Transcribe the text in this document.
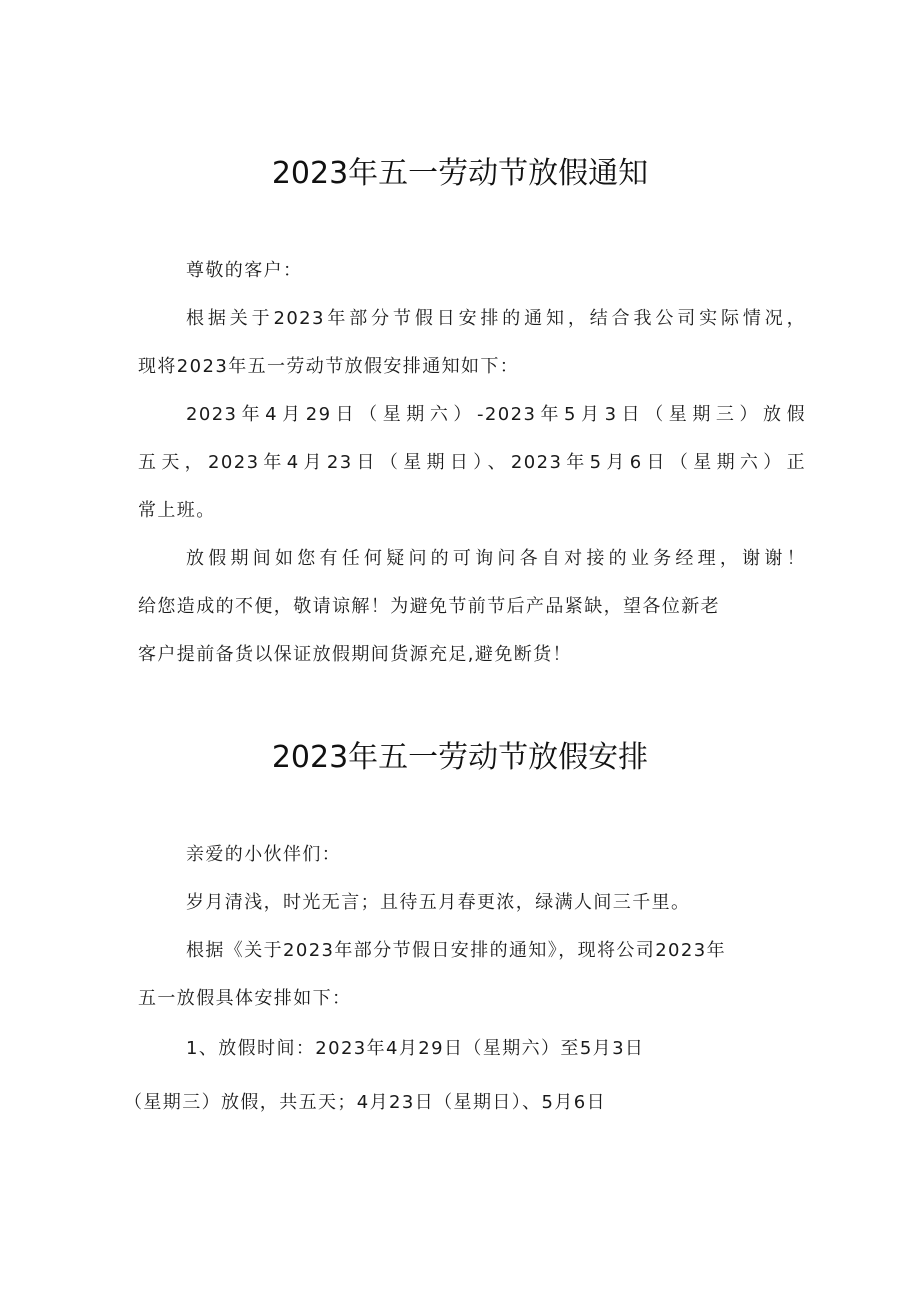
2023年五一劳动节放假通知

尊敬的客户：

根据关于2023年部分节假日安排的通知，结合我公司实际情况，

现将2023年五一劳动节放假安排通知如下：

2023年4月29日（星期六）-2023年5月3日（星期三）放假

五天，2023年4月23日（星期日）、2023年5月6日（星期六）正

常上班。

放假期间如您有任何疑问的可询问各自对接的业务经理，谢谢！

给您造成的不便，敬请谅解！为避免节前节后产品紧缺，望各位新老

客户提前备货以保证放假期间货源充足,避免断货！

2023年五一劳动节放假安排

亲爱的小伙伴们：

岁月清浅，时光无言；且待五月春更浓，绿满人间三千里。

根据《关于2023年部分节假日安排的通知》，现将公司2023年

五一放假具体安排如下：

1、放假时间：2023年4月29日（星期六）至5月3日

（星期三）放假，共五天；4月23日（星期日）、5月6日
